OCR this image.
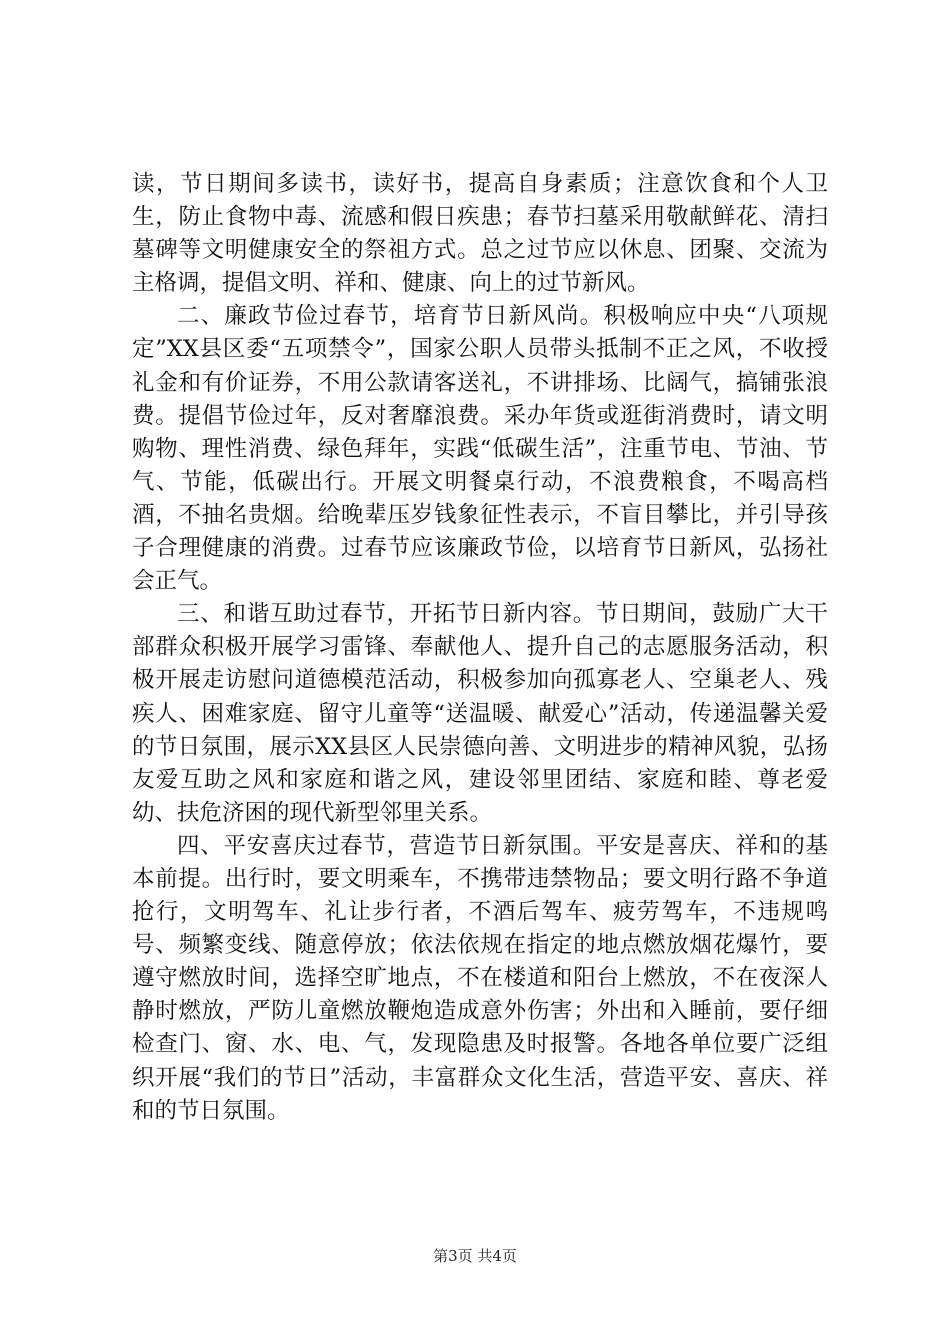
读，节日期间多读书，读好书，提高自身素质；注意饮食和个人卫生，防止食物中毒、流感和假日疾患；春节扫墓采用敬献鲜花、清扫墓碑等文明健康安全的祭祖方式。总之过节应以休息、团聚、交流为主格调，提倡文明、祥和、健康、向上的过节新风。

二、廉政节俭过春节，培育节日新风尚。积极响应中央“八项规定”XX县区委“五项禁令”，国家公职人员带头抵制不正之风，不收授礼金和有价证券，不用公款请客送礼，不讲排场、比阔气，搞铺张浪费。提倡节俭过年，反对奢靡浪费。采办年货或逛街消费时，请文明购物、理性消费、绿色拜年，实践“低碳生活”，注重节电、节油、节气、节能，低碳出行。开展文明餐桌行动，不浪费粮食，不喝高档酒，不抽名贵烟。给晚辈压岁钱象征性表示，不盲目攀比，并引导孩子合理健康的消费。过春节应该廉政节俭，以培育节日新风，弘扬社会正气。

三、和谐互助过春节，开拓节日新内容。节日期间，鼓励广大干部群众积极开展学习雷锋、奉献他人、提升自己的志愿服务活动，积极开展走访慰问道德模范活动，积极参加向孤寡老人、空巢老人、残疾人、困难家庭、留守儿童等“送温暖、献爱心”活动，传递温馨关爱的节日氛围，展示XX县区人民崇德向善、文明进步的精神风貌，弘扬友爱互助之风和家庭和谐之风，建设邻里团结、家庭和睦、尊老爱幼、扶危济困的现代新型邻里关系。

四、平安喜庆过春节，营造节日新氛围。平安是喜庆、祥和的基本前提。出行时，要文明乘车，不携带违禁物品；要文明行路不争道抢行，文明驾车、礼让步行者，不酒后驾车、疲劳驾车，不违规鸣号、频繁变线、随意停放；依法依规在指定的地点燃放烟花爆竹，要遵守燃放时间，选择空旷地点，不在楼道和阳台上燃放，不在夜深人静时燃放，严防儿童燃放鞭炮造成意外伤害；外出和入睡前，要仔细检查门、窗、水、电、气，发现隐患及时报警。各地各单位要广泛组织开展“我们的节日”活动，丰富群众文化生活，营造平安、喜庆、祥和的节日氛围。

第3页 共4页
